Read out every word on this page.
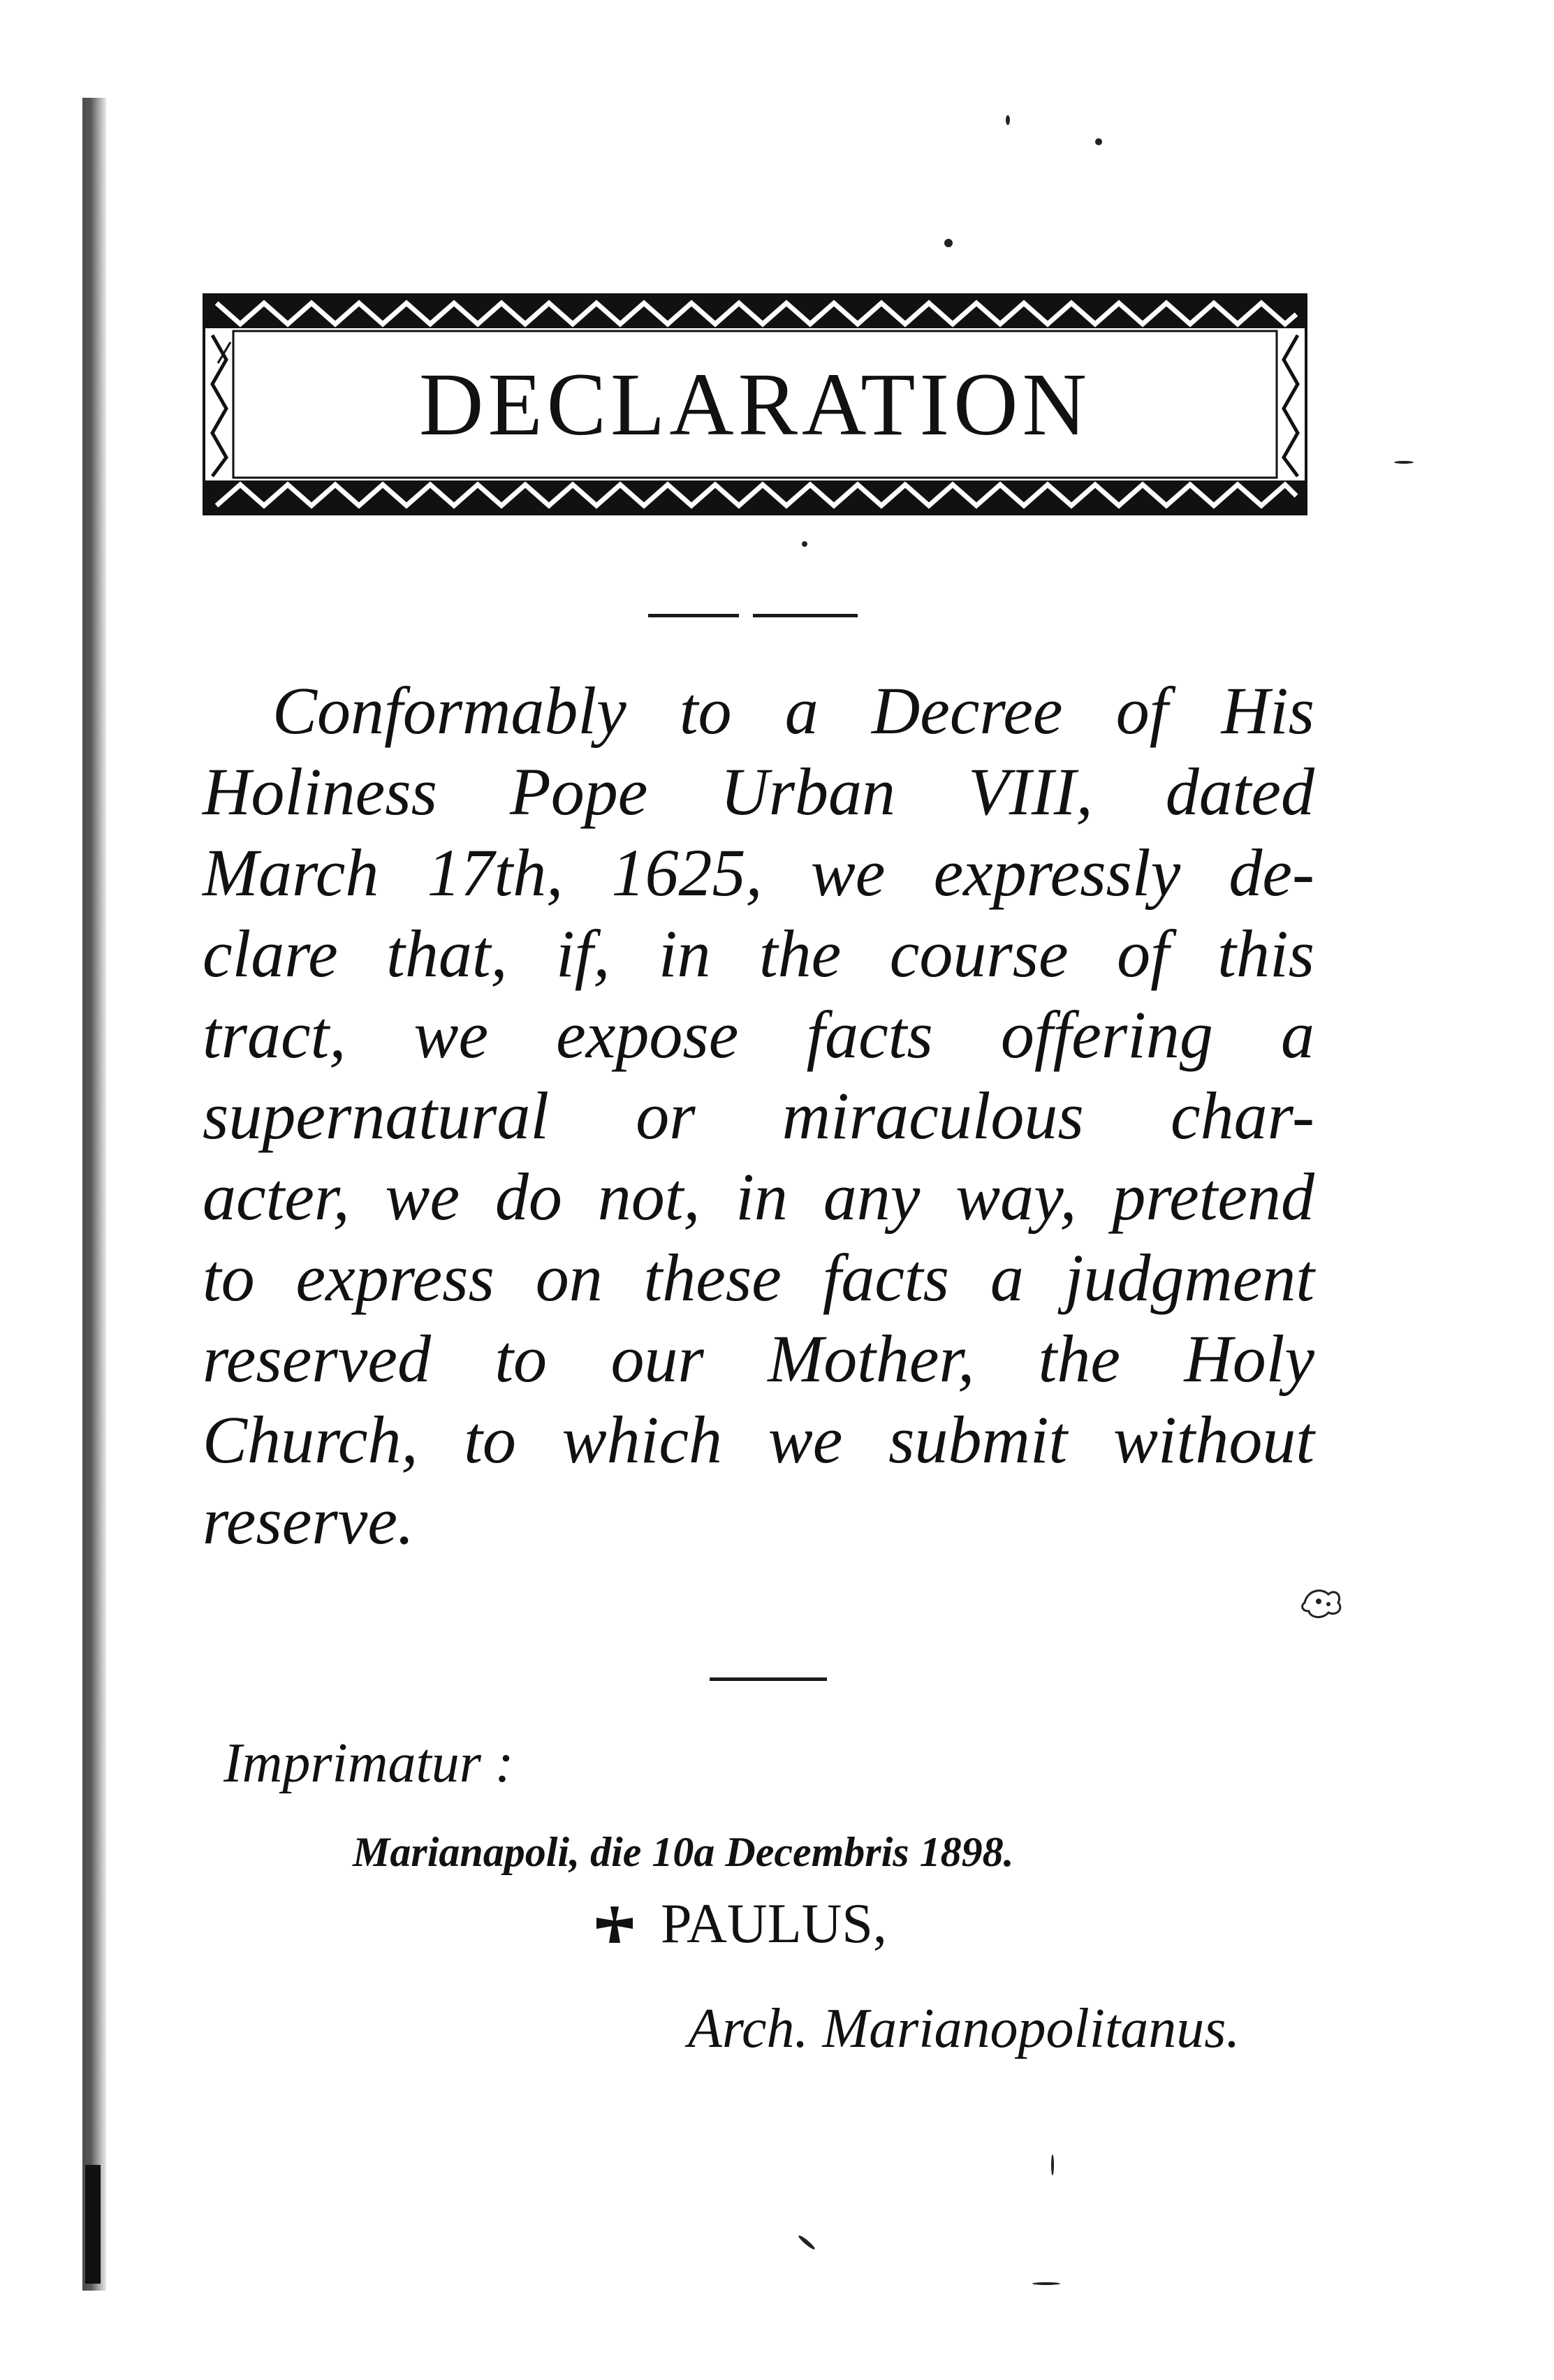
DECLARATION
Conformably to a Decree of His
Holiness Pope Urban VIII, dated
March 17th, 1625, we expressly de-
clare that, if, in the course of this
tract, we expose facts offering a
supernatural or miraculous char-
acter, we do not, in any way, pretend
to express on these facts a judgment
reserved to our Mother, the Holy
Church, to which we submit without
reserve.
Imprimatur :
Marianapoli, die 10a Decembris 1898.
PAULUS,
Arch. Marianopolitanus.
